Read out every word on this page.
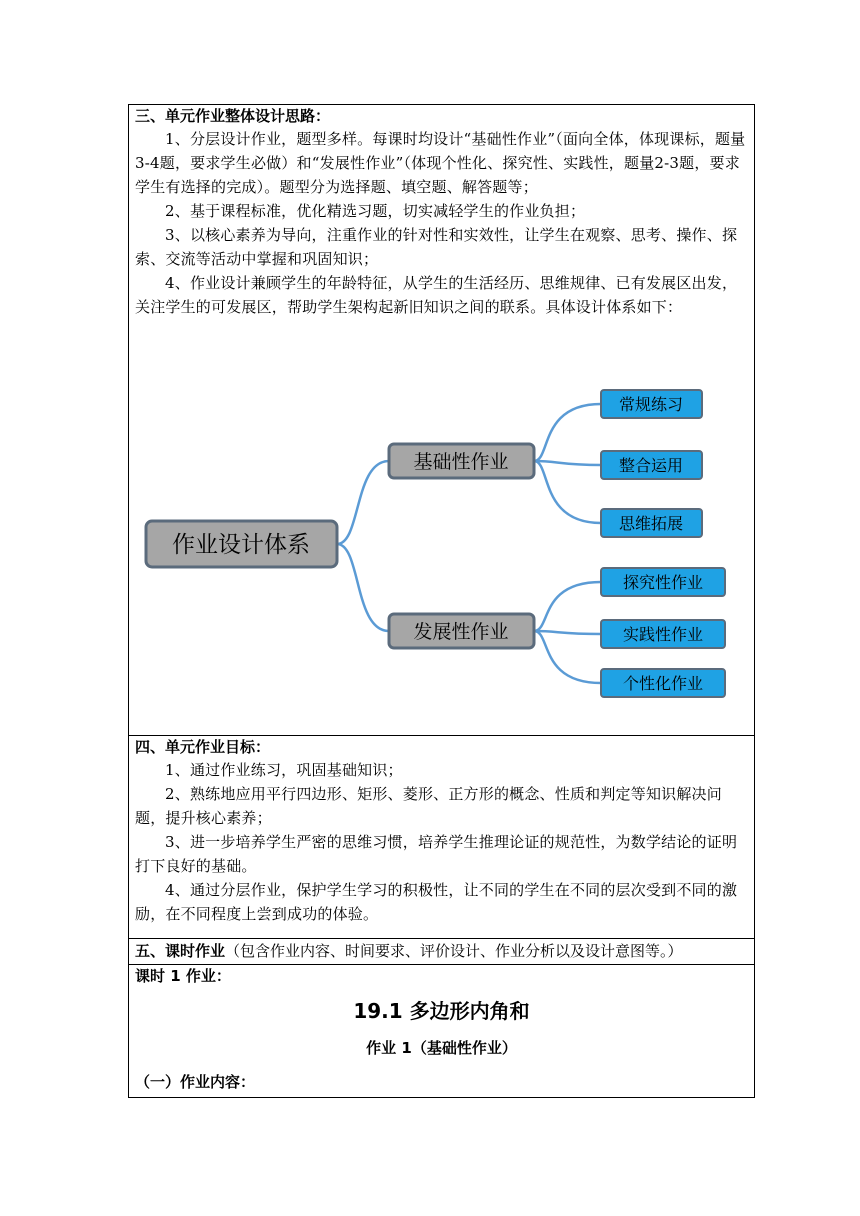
三、单元作业整体设计思路：

1、分层设计作业，题型多样。每课时均设计“基础性作业”（面向全体，体现课标，题量3-4题，要求学生必做）和“发展性作业”（体现个性化、探究性、实践性，题量2-3题，要求学生有选择的完成）。题型分为选择题、填空题、解答题等；

2、基于课程标准，优化精选习题，切实减轻学生的作业负担；

3、以核心素养为导向，注重作业的针对性和实效性，让学生在观察、思考、操作、探索、交流等活动中掌握和巩固知识；

4、作业设计兼顾学生的年龄特征，从学生的生活经历、思维规律、已有发展区出发，关注学生的可发展区，帮助学生架构起新旧知识之间的联系。具体设计体系如下：

作业设计体系
基础性作业
发展性作业
常规练习
整合运用
思维拓展
探究性作业
实践性作业
个性化作业
四、单元作业目标：

1、通过作业练习，巩固基础知识；

2、熟练地应用平行四边形、矩形、菱形、正方形的概念、性质和判定等知识解决问题，提升核心素养；

3、进一步培养学生严密的思维习惯，培养学生推理论证的规范性，为数学结论的证明打下良好的基础。

4、通过分层作业，保护学生学习的积极性，让不同的学生在不同的层次受到不同的激励，在不同程度上尝到成功的体验。

五、课时作业（包含作业内容、时间要求、评价设计、作业分析以及设计意图等。）
课时 1 作业：
19.1 多边形内角和
作业 1（基础性作业）
（一）作业内容：
